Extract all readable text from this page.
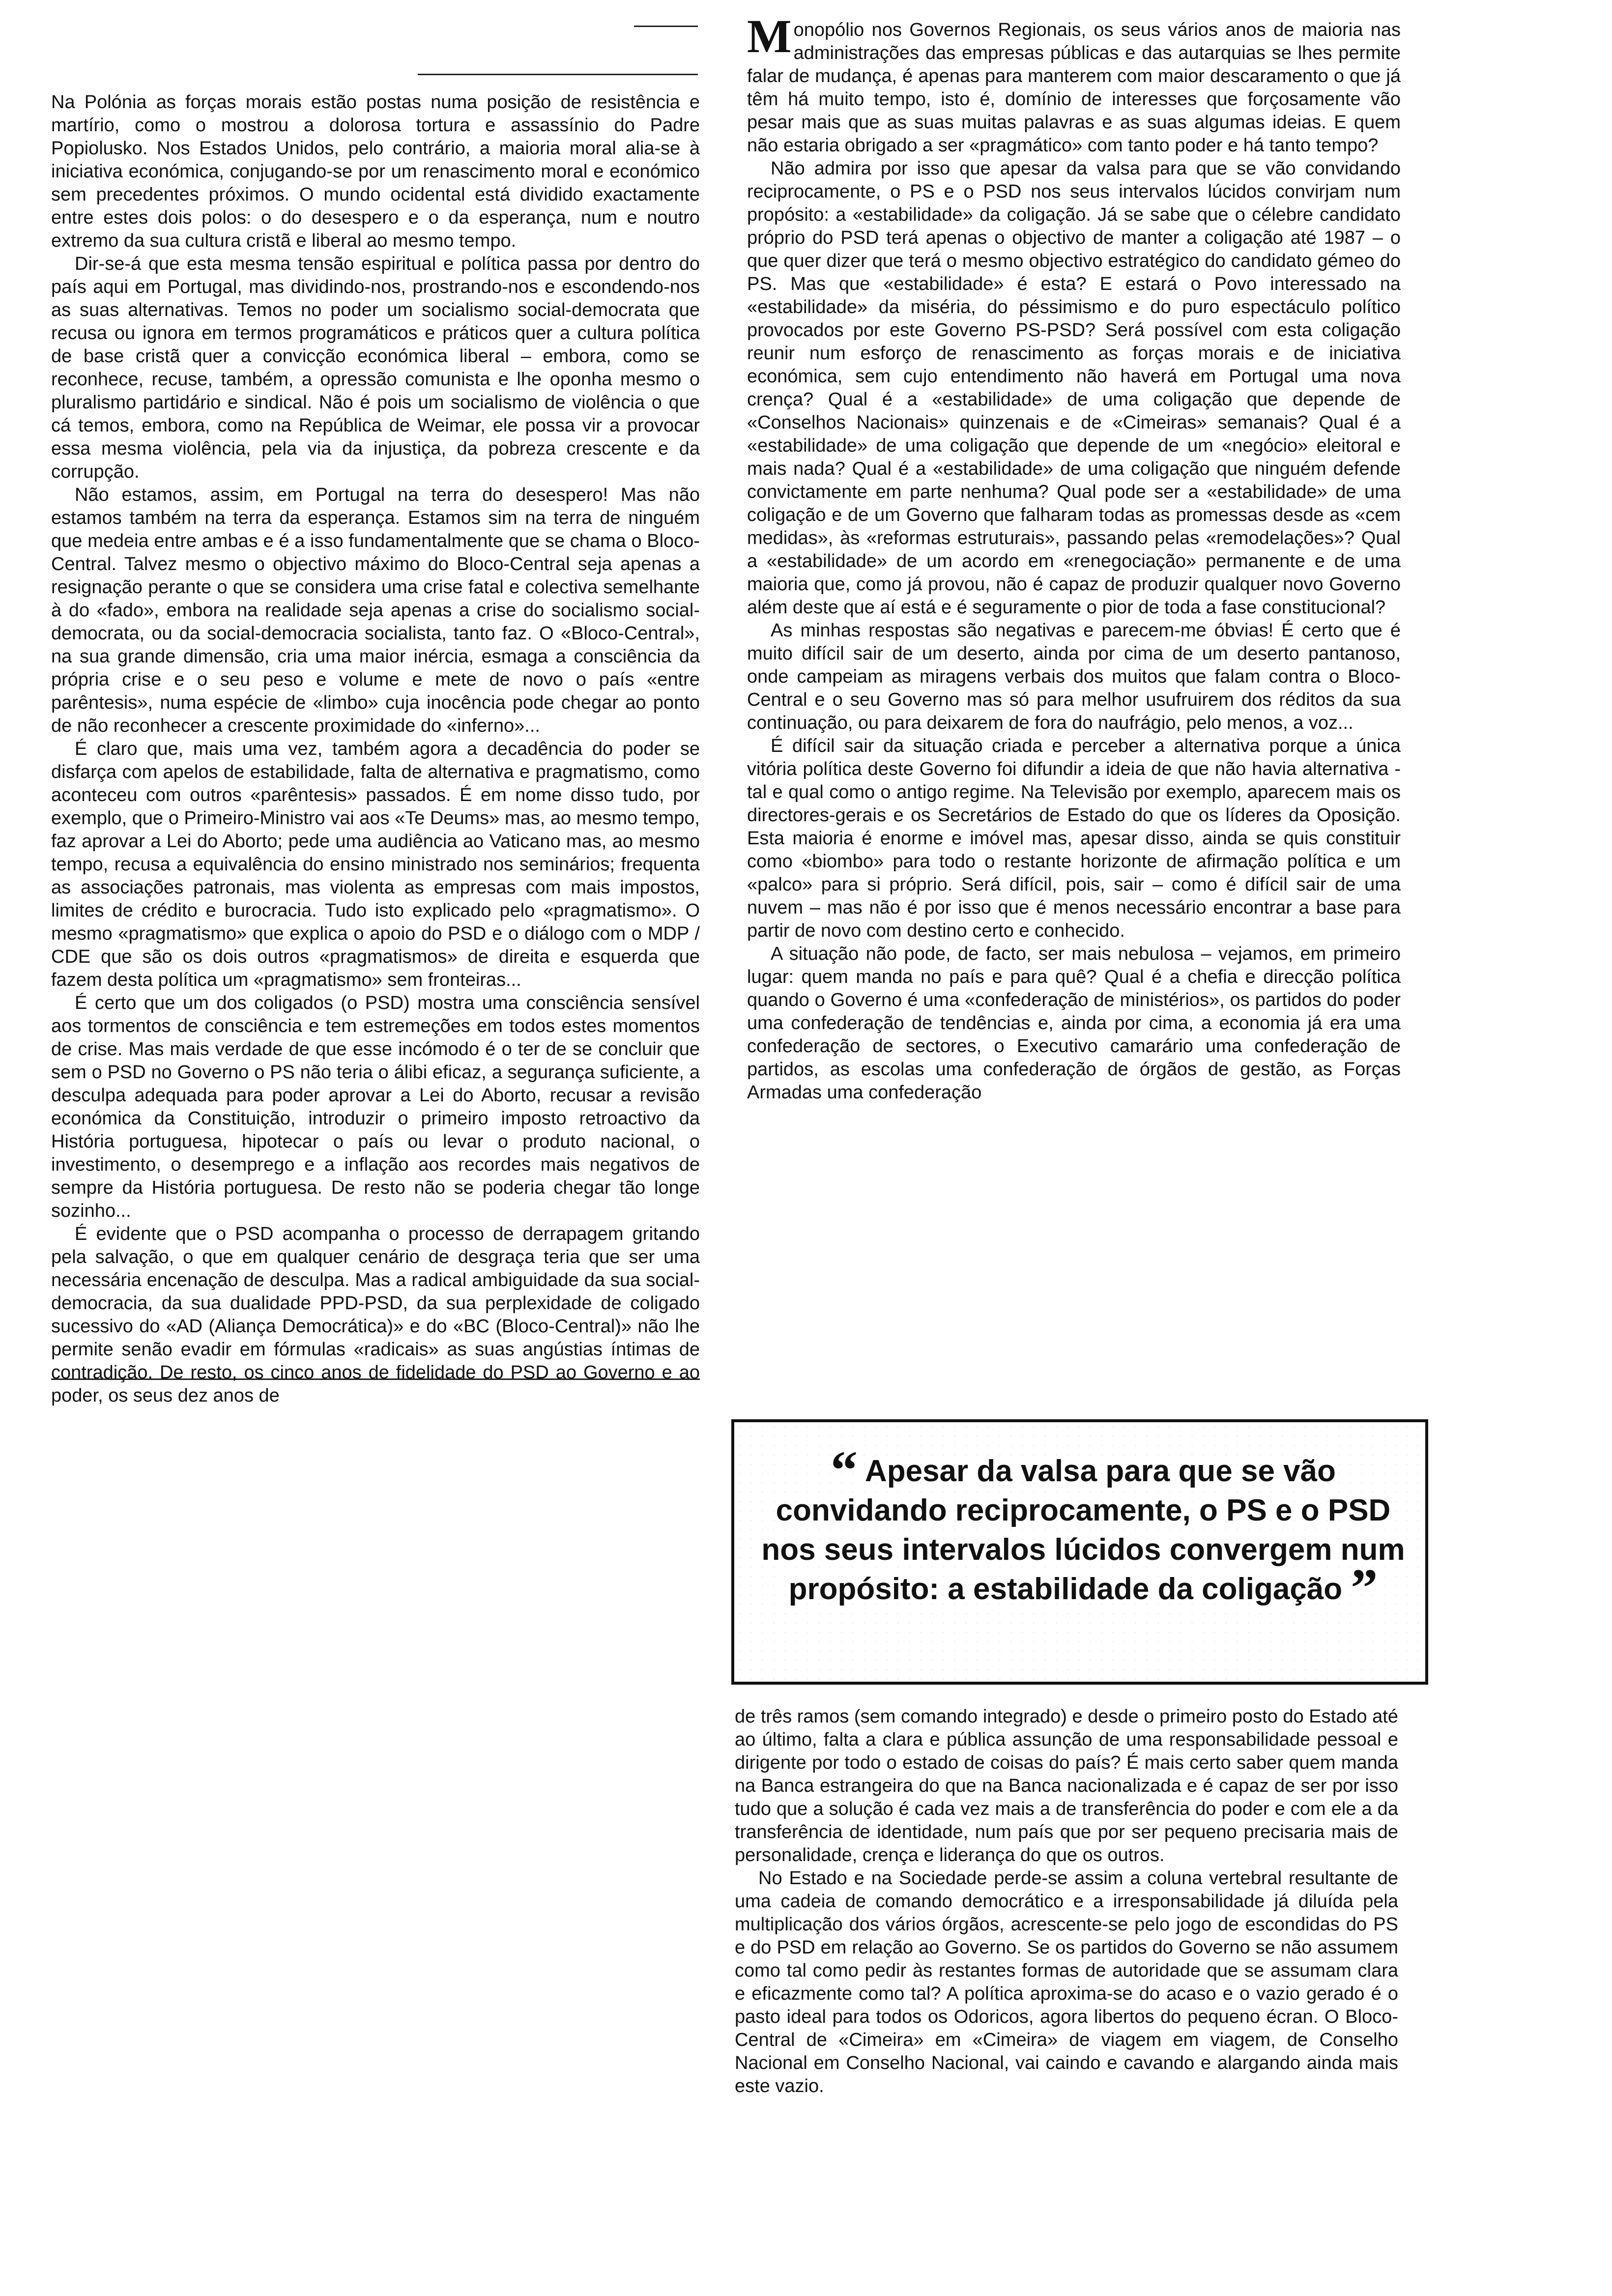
Na Polónia as forças morais estão postas numa posição de resistência e martírio, como o mostrou a dolorosa tortura e assassínio do Padre Popiolusko. Nos Estados Unidos, pelo contrário, a maioria moral alia-se à iniciativa económica, conjugando-se por um renascimento moral e económico sem precedentes próximos. O mundo ocidental está dividido exactamente entre estes dois polos: o do desespero e o da esperança, num e noutro extremo da sua cultura cristã e liberal ao mesmo tempo.

Dir-se-á que esta mesma tensão espiritual e política passa por dentro do país aqui em Portugal, mas dividindo-nos, prostrando-nos e escondendo-nos as suas alternativas. Temos no poder um socialismo social-democrata que recusa ou ignora em termos programáticos e práticos quer a cultura política de base cristã quer a convicção económica liberal – embora, como se reconhece, recuse, também, a opressão comunista e lhe oponha mesmo o pluralismo partidário e sindical. Não é pois um socialismo de violência o que cá temos, embora, como na República de Weimar, ele possa vir a provocar essa mesma violência, pela via da injustiça, da pobreza crescente e da corrupção.

Não estamos, assim, em Portugal na terra do desespero! Mas não estamos também na terra da esperança. Estamos sim na terra de ninguém que medeia entre ambas e é a isso fundamentalmente que se chama o Bloco-Central. Talvez mesmo o objectivo máximo do Bloco-Central seja apenas a resignação perante o que se considera uma crise fatal e colectiva semelhante à do «fado», embora na realidade seja apenas a crise do socialismo social-democrata, ou da social-democracia socialista, tanto faz. O «Bloco-Central», na sua grande dimensão, cria uma maior inércia, esmaga a consciência da própria crise e o seu peso e volume e mete de novo o país «entre parêntesis», numa espécie de «limbo» cuja inocência pode chegar ao ponto de não reconhecer a crescente proximidade do «inferno»...

É claro que, mais uma vez, também agora a decadência do poder se disfarça com apelos de estabilidade, falta de alternativa e pragmatismo, como aconteceu com outros «parêntesis» passados. É em nome disso tudo, por exemplo, que o Primeiro-Ministro vai aos «Te Deums» mas, ao mesmo tempo, faz aprovar a Lei do Aborto; pede uma audiência ao Vaticano mas, ao mesmo tempo, recusa a equivalência do ensino ministrado nos seminários; frequenta as associações patronais, mas violenta as empresas com mais impostos, limites de crédito e burocracia. Tudo isto explicado pelo «pragmatismo». O mesmo «pragmatismo» que explica o apoio do PSD e o diálogo com o MDP / CDE que são os dois outros «pragmatismos» de direita e esquerda que fazem desta política um «pragmatismo» sem fronteiras...

É certo que um dos coligados (o PSD) mostra uma consciência sensível aos tormentos de consciência e tem estremeções em todos estes momentos de crise. Mas mais verdade de que esse incómodo é o ter de se concluir que sem o PSD no Governo o PS não teria o álibi eficaz, a segurança suficiente, a desculpa adequada para poder aprovar a Lei do Aborto, recusar a revisão económica da Constituição, introduzir o primeiro imposto retroactivo da História portuguesa, hipotecar o país ou levar o produto nacional, o investimento, o desemprego e a inflação aos recordes mais negativos de sempre da História portuguesa. De resto não se poderia chegar tão longe sozinho...

É evidente que o PSD acompanha o processo de derrapagem gritando pela salvação, o que em qualquer cenário de desgraça teria que ser uma necessária encenação de desculpa. Mas a radical ambiguidade da sua social-democracia, da sua dualidade PPD-PSD, da sua perplexidade de coligado sucessivo do «AD (Aliança Democrática)» e do «BC (Bloco-Central)» não lhe permite senão evadir em fórmulas «radicais» as suas angústias íntimas de contradição. De resto, os cinco anos de fidelidade do PSD ao Governo e ao poder, os seus dez anos de

M onopólio nos Governos Regionais, os seus vários anos de maioria nas administrações das empresas públicas e das autarquias se lhes permite falar de mudança, é apenas para manterem com maior descaramento o que já têm há muito tempo, isto é, domínio de interesses que forçosamente vão pesar mais que as suas muitas palavras e as suas algumas ideias. E quem não estaria obrigado a ser «pragmático» com tanto poder e há tanto tempo?

Não admira por isso que apesar da valsa para que se vão convidando reciprocamente, o PS e o PSD nos seus intervalos lúcidos convirjam num propósito: a «estabilidade» da coligação. Já se sabe que o célebre candidato próprio do PSD terá apenas o objectivo de manter a coligação até 1987 – o que quer dizer que terá o mesmo objectivo estratégico do candidato gémeo do PS. Mas que «estabilidade» é esta? E estará o Povo interessado na «estabilidade» da miséria, do péssimismo e do puro espectáculo político provocados por este Governo PS-PSD? Será possível com esta coligação reunir num esforço de renascimento as forças morais e de iniciativa económica, sem cujo entendimento não haverá em Portugal uma nova crença? Qual é a «estabilidade» de uma coligação que depende de «Conselhos Nacionais» quinzenais e de «Cimeiras» semanais? Qual é a «estabilidade» de uma coligação que depende de um «negócio» eleitoral e mais nada? Qual é a «estabilidade» de uma coligação que ninguém defende convictamente em parte nenhuma? Qual pode ser a «estabilidade» de uma coligação e de um Governo que falharam todas as promessas desde as «cem medidas», às «reformas estruturais», passando pelas «remodelações»? Qual a «estabilidade» de um acordo em «renegociação» permanente e de uma maioria que, como já provou, não é capaz de produzir qualquer novo Governo além deste que aí está e é seguramente o pior de toda a fase constitucional?

As minhas respostas são negativas e parecem-me óbvias! É certo que é muito difícil sair de um deserto, ainda por cima de um deserto pantanoso, onde campeiam as miragens verbais dos muitos que falam contra o Bloco-Central e o seu Governo mas só para melhor usufruirem dos réditos da sua continuação, ou para deixarem de fora do naufrágio, pelo menos, a voz...

É difícil sair da situação criada e perceber a alternativa porque a única vitória política deste Governo foi difundir a ideia de que não havia alternativa - tal e qual como o antigo regime. Na Televisão por exemplo, aparecem mais os directores-gerais e os Secretários de Estado do que os líderes da Oposição. Esta maioria é enorme e imóvel mas, apesar disso, ainda se quis constituir como «biombo» para todo o restante horizonte de afirmação política e um «palco» para si próprio. Será difícil, pois, sair – como é difícil sair de uma nuvem – mas não é por isso que é menos necessário encontrar a base para partir de novo com destino certo e conhecido.

A situação não pode, de facto, ser mais nebulosa – vejamos, em primeiro lugar: quem manda no país e para quê? Qual é a chefia e direcção política quando o Governo é uma «confederação de ministérios», os partidos do poder uma confederação de tendências e, ainda por cima, a economia já era uma confederação de sectores, o Executivo camarário uma confederação de partidos, as escolas uma confederação de órgãos de gestão, as Forças Armadas uma confederação

“ Apesar da valsa para que se vão convidando reciprocamente, o PS e o PSD nos seus intervalos lúcidos convergem num propósito: a estabilidade da coligação ”

de três ramos (sem comando integrado) e desde o primeiro posto do Estado até ao último, falta a clara e pública assunção de uma responsabilidade pessoal e dirigente por todo o estado de coisas do país? É mais certo saber quem manda na Banca estrangeira do que na Banca nacionalizada e é capaz de ser por isso tudo que a solução é cada vez mais a de transferência do poder e com ele a da transferência de identidade, num país que por ser pequeno precisaria mais de personalidade, crença e liderança do que os outros.

No Estado e na Sociedade perde-se assim a coluna vertebral resultante de uma cadeia de comando democrático e a irresponsabilidade já diluída pela multiplicação dos vários órgãos, acrescente-se pelo jogo de escondidas do PS e do PSD em relação ao Governo. Se os partidos do Governo se não assumem como tal como pedir às restantes formas de autoridade que se assumam clara e eficazmente como tal? A política aproxima-se do acaso e o vazio gerado é o pasto ideal para todos os Odoricos, agora libertos do pequeno écran. O Bloco-Central de «Cimeira» em «Cimeira» de viagem em viagem, de Conselho Nacional em Conselho Nacional, vai caindo e cavando e alargando ainda mais este vazio.
